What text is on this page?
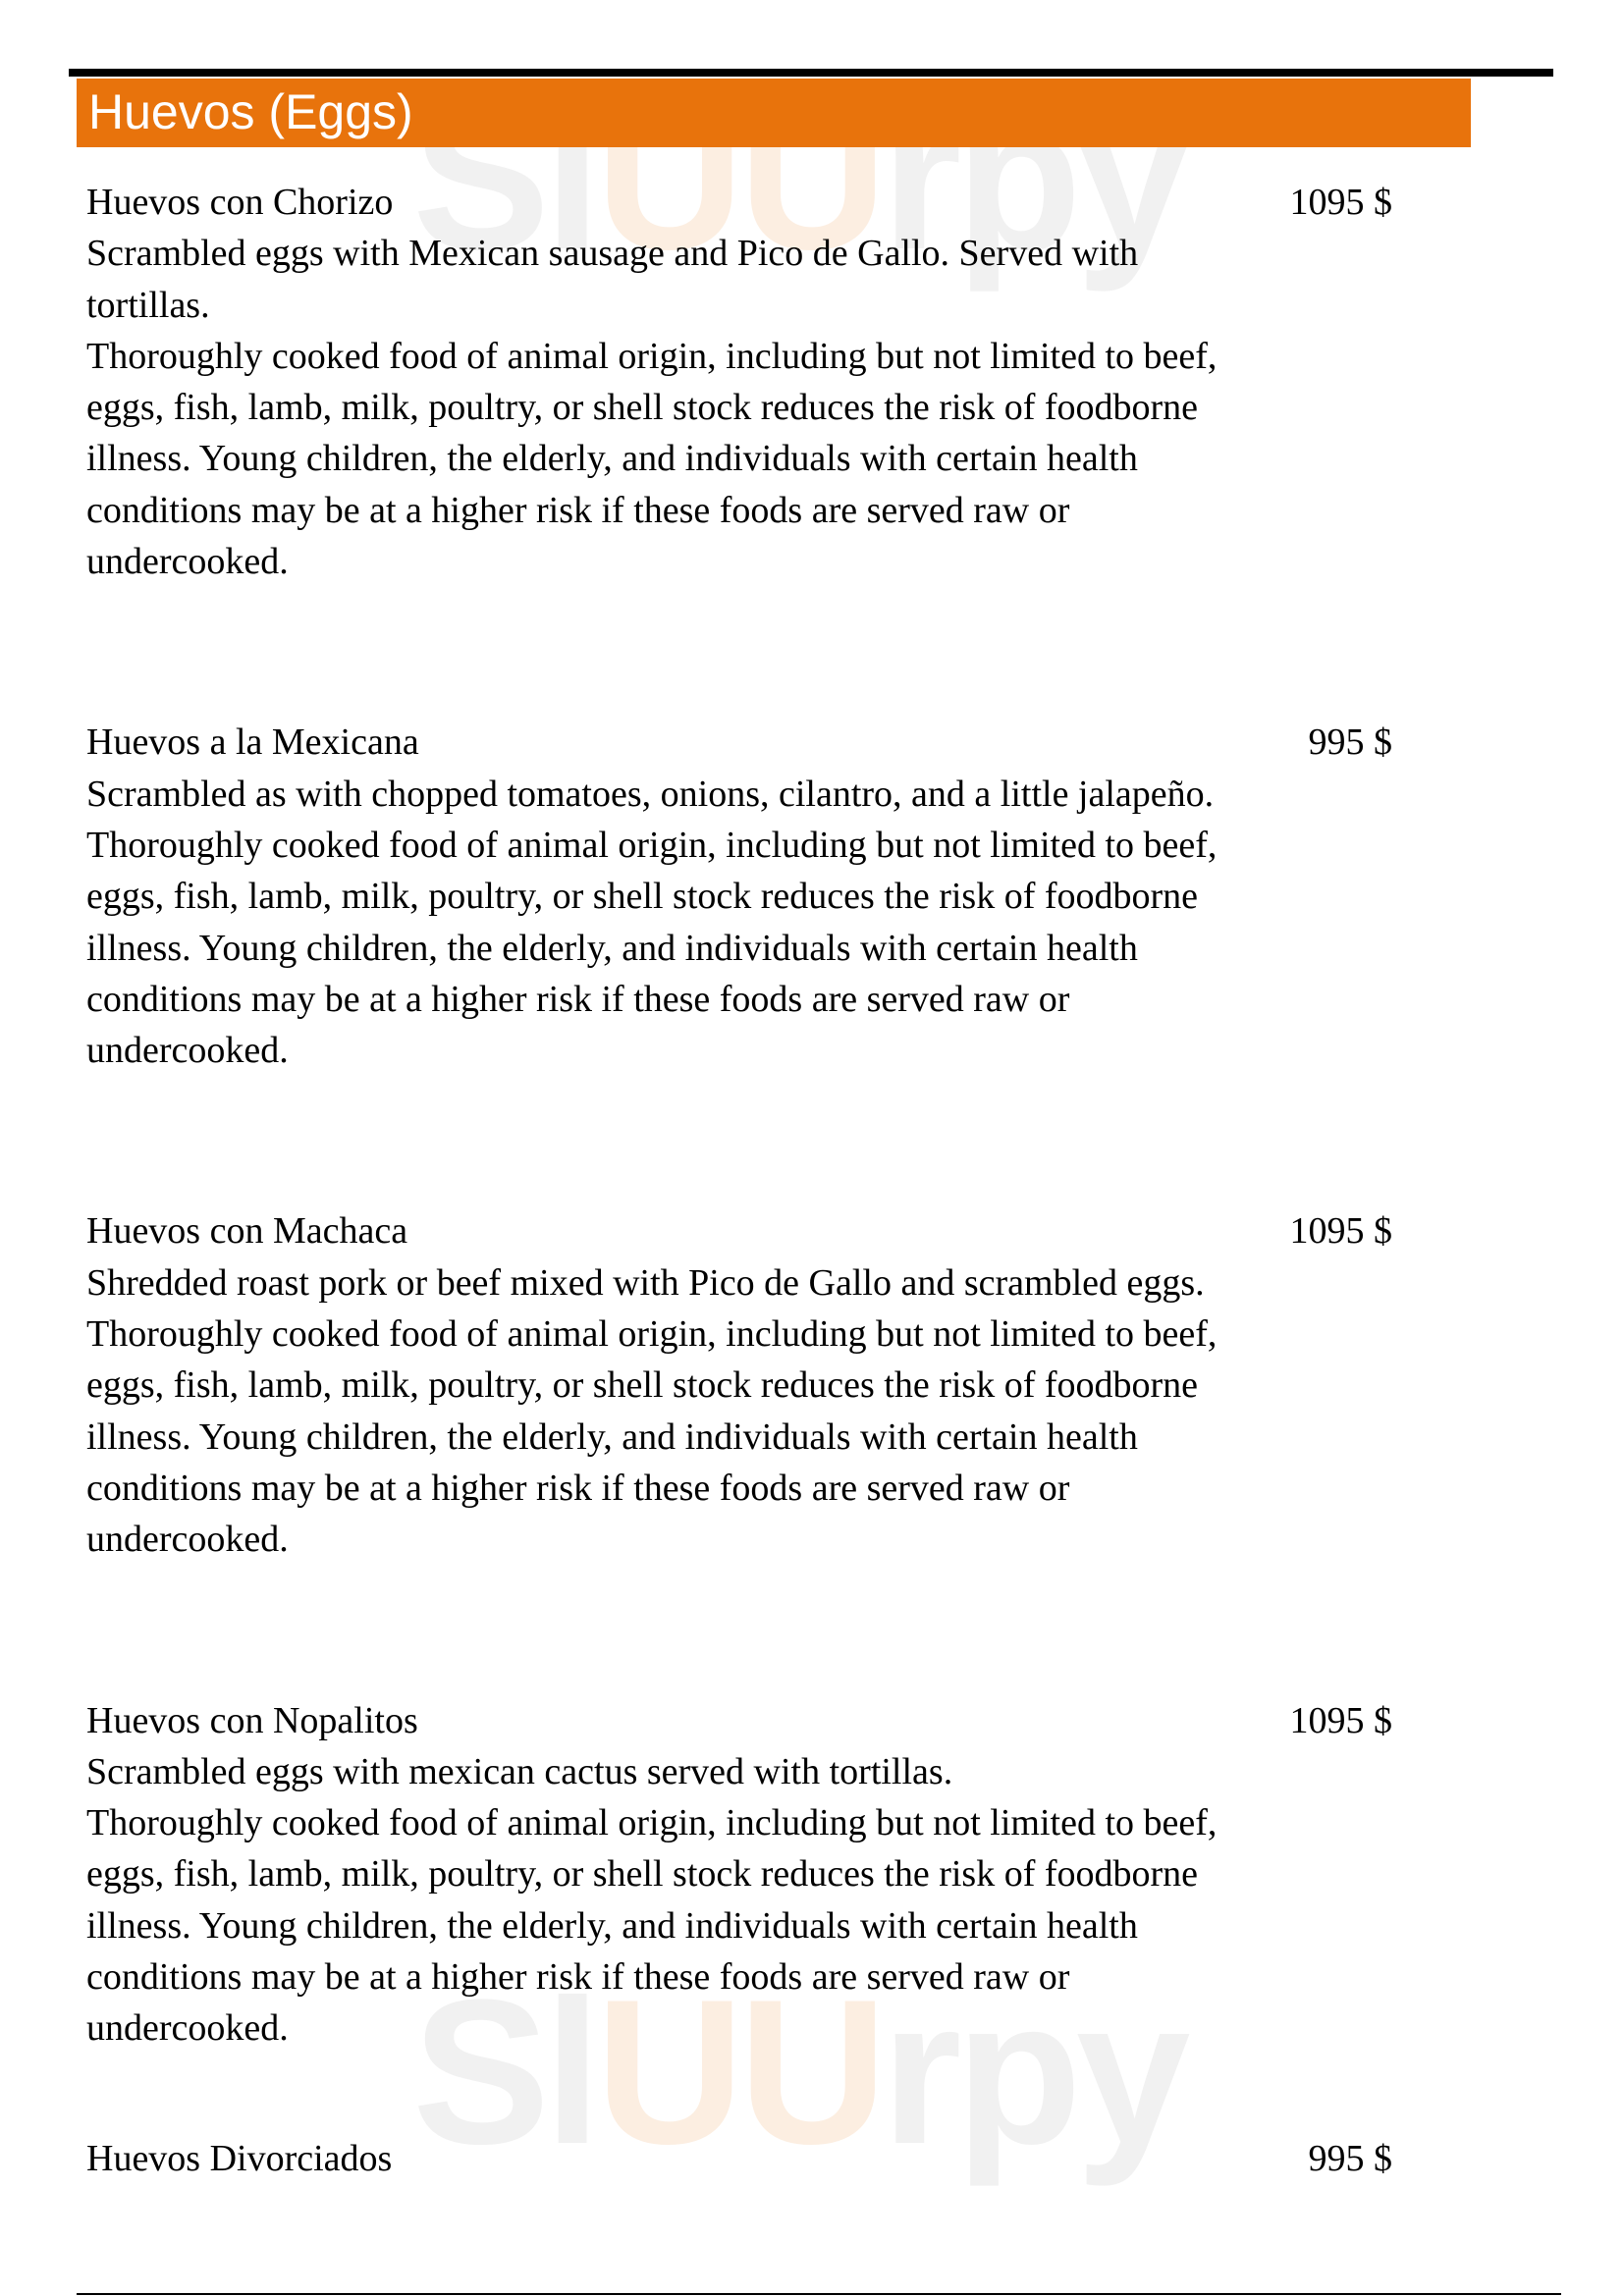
SlUUrpy
SlUUrpy
Huevos (Eggs)
Huevos con Chorizo	1095 $
Scrambled eggs with Mexican sausage and Pico de Gallo. Served with tortillas.
Thoroughly cooked food of animal origin, including but not limited to beef, eggs, fish, lamb, milk, poultry, or shell stock reduces the risk of foodborne illness. Young children, the elderly, and individuals with certain health conditions may be at a higher risk if these foods are served raw or undercooked.
Huevos a la Mexicana	995 $
Scrambled as with chopped tomatoes, onions, cilantro, and a little jalapeño.
Thoroughly cooked food of animal origin, including but not limited to beef, eggs, fish, lamb, milk, poultry, or shell stock reduces the risk of foodborne illness. Young children, the elderly, and individuals with certain health conditions may be at a higher risk if these foods are served raw or undercooked.
Huevos con Machaca	1095 $
Shredded roast pork or beef mixed with Pico de Gallo and scrambled eggs.
Thoroughly cooked food of animal origin, including but not limited to beef, eggs, fish, lamb, milk, poultry, or shell stock reduces the risk of foodborne illness. Young children, the elderly, and individuals with certain health conditions may be at a higher risk if these foods are served raw or undercooked.
Huevos con Nopalitos	1095 $
Scrambled eggs with mexican cactus served with tortillas.
Thoroughly cooked food of animal origin, including but not limited to beef, eggs, fish, lamb, milk, poultry, or shell stock reduces the risk of foodborne illness. Young children, the elderly, and individuals with certain health conditions may be at a higher risk if these foods are served raw or undercooked.
Huevos Divorciados	995 $
